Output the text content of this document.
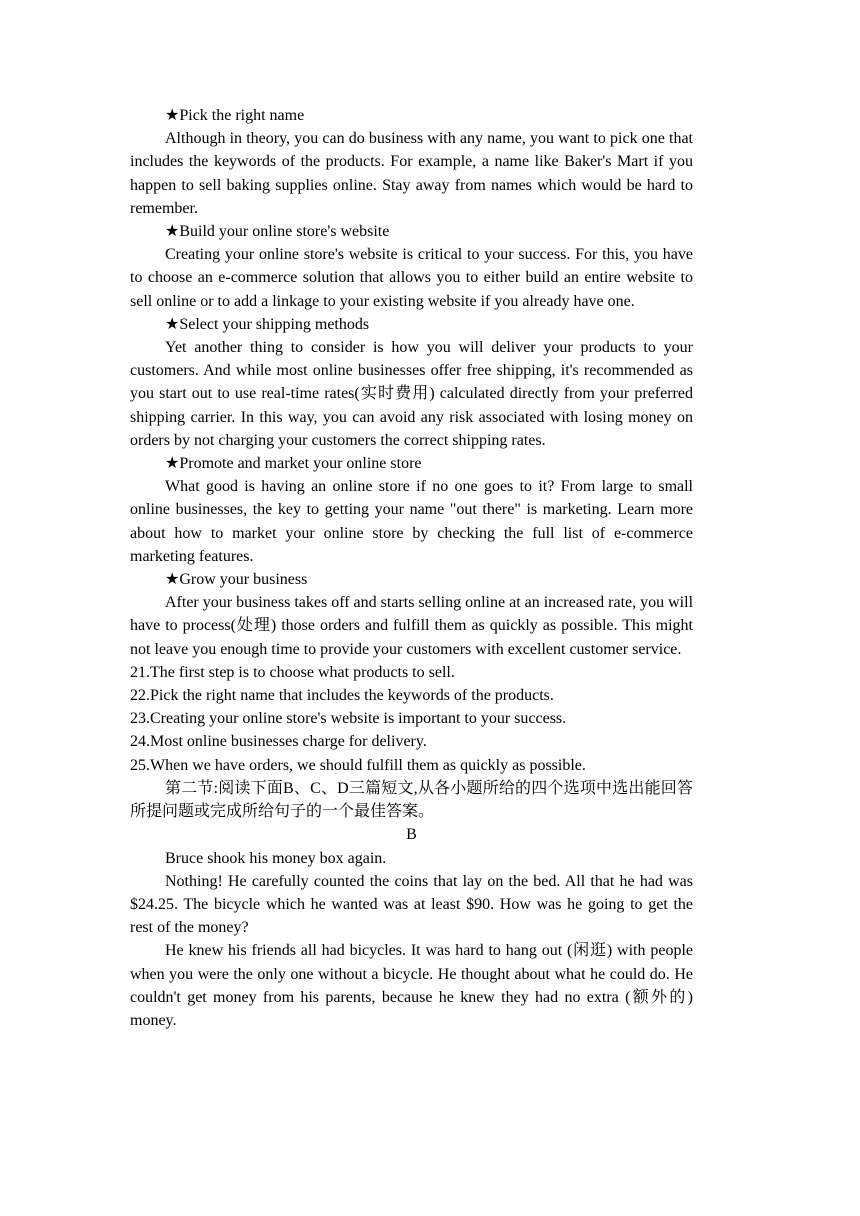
★Pick the right name

Although in theory, you can do business with any name, you want to pick one that includes the keywords of the products. For example, a name like Baker's Mart if you happen to sell baking supplies online. Stay away from names which would be hard to remember.

★Build your online store's website

Creating your online store's website is critical to your success. For this, you have to choose an e-commerce solution that allows you to either build an entire website to sell online or to add a linkage to your existing website if you already have one.

★Select your shipping methods

Yet another thing to consider is how you will deliver your products to your customers. And while most online businesses offer free shipping, it's recommended as you start out to use real-time rates(实时费用) calculated directly from your preferred shipping carrier. In this way, you can avoid any risk associated with losing money on orders by not charging your customers the correct shipping rates.

★Promote and market your online store

What good is having an online store if no one goes to it? From large to small online businesses, the key to getting your name "out there" is marketing. Learn more about how to market your online store by checking the full list of e-commerce marketing features.

★Grow your business

After your business takes off and starts selling online at an increased rate, you will have to process(处理) those orders and fulfill them as quickly as possible. This might not leave you enough time to provide your customers with excellent customer service.

21.The first step is to choose what products to sell.

22.Pick the right name that includes the keywords of the products.

23.Creating your online store's website is important to your success.

24.Most online businesses charge for delivery.

25.When we have orders, we should fulfill them as quickly as possible.

第二节:阅读下面B、C、D三篇短文,从各小题所给的四个选项中选出能回答所提问题或完成所给句子的一个最佳答案。

B

Bruce shook his money box again.

Nothing! He carefully counted the coins that lay on the bed. All that he had was $24.25. The bicycle which he wanted was at least $90. How was he going to get the rest of the money?

He knew his friends all had bicycles. It was hard to hang out (闲逛) with people when you were the only one without a bicycle. He thought about what he could do. He couldn't get money from his parents, because he knew they had no extra (额外的) money.
